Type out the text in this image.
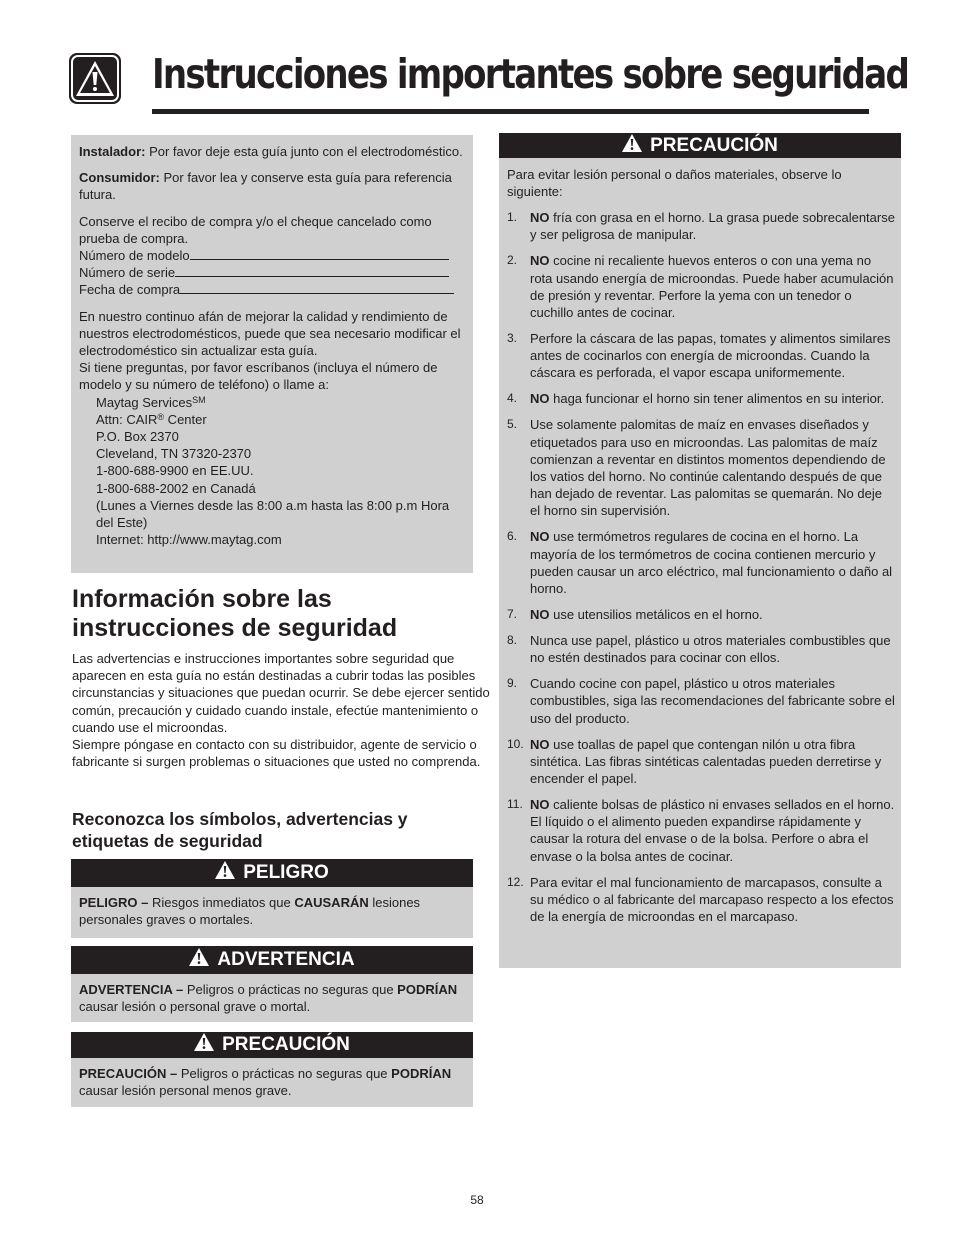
Instrucciones importantes sobre seguridad

Instalador: Por favor deje esta guía junto con el electrodoméstico.

Consumidor: Por favor lea y conserve esta guía para referencia futura.

Conserve el recibo de compra y/o el cheque cancelado como prueba de compra.

Número de modelo

Número de serie

Fecha de compra

En nuestro continuo afán de mejorar la calidad y rendimiento de nuestros electrodomésticos, puede que sea necesario modificar el electrodoméstico sin actualizar esta guía.

Si tiene preguntas, por favor escríbanos (incluya el número de modelo y su número de teléfono) o llame a:

Maytag Services℠

Attn: CAIR® Center

P.O. Box 2370

Cleveland, TN 37320-2370

1-800-688-9900 en EE.UU.

1-800-688-2002 en Canadá

(Lunes a Viernes desde las 8:00 a.m hasta las 8:00 p.m Hora del Este)

Internet: http://www.maytag.com

Información sobre las instrucciones de seguridad

Las advertencias e instrucciones importantes sobre seguridad que aparecen en esta guía no están destinadas a cubrir todas las posibles circunstancias y situaciones que puedan ocurrir. Se debe ejercer sentido común, precaución y cuidado cuando instale, efectúe mantenimiento o cuando use el microondas.

Siempre póngase en contacto con su distribuidor, agente de servicio o fabricante si surgen problemas o situaciones que usted no comprenda.

Reconozca los símbolos, advertencias y etiquetas de seguridad
PELIGRO

PELIGRO – Riesgos inmediatos que CAUSARÁN lesiones personales graves o mortales.

ADVERTENCIA

ADVERTENCIA – Peligros o prácticas no seguras que PODRÍAN causar lesión o personal grave o mortal.

PRECAUCIÓN

PRECAUCIÓN – Peligros o prácticas no seguras que PODRÍAN causar lesión personal menos grave.

PRECAUCIÓN

Para evitar lesión personal o daños materiales, observe lo siguiente:

1. NO fría con grasa en el horno. La grasa puede sobrecalentarse y ser peligrosa de manipular.
2. NO cocine ni recaliente huevos enteros o con una yema no rota usando energía de microondas. Puede haber acumulación de presión y reventar. Perfore la yema con un tenedor o cuchillo antes de cocinar.
3. Perfore la cáscara de las papas, tomates y alimentos similares antes de cocinarlos con energía de microondas. Cuando la cáscara es perforada, el vapor escapa uniformemente.
4. NO haga funcionar el horno sin tener alimentos en su interior.
5. Use solamente palomitas de maíz en envases diseñados y etiquetados para uso en microondas. Las palomitas de maíz comienzan a reventar en distintos momentos dependiendo de los vatios del horno. No continúe calentando después de que han dejado de reventar. Las palomitas se quemarán. No deje el horno sin supervisión.
6. NO use termómetros regulares de cocina en el horno. La mayoría de los termómetros de cocina contienen mercurio y pueden causar un arco eléctrico, mal funcionamiento o daño al horno.
7. NO use utensilios metálicos en el horno.
8. Nunca use papel, plástico u otros materiales combustibles que no estén destinados para cocinar con ellos.
9. Cuando cocine con papel, plástico u otros materiales combustibles, siga las recomendaciones del fabricante sobre el uso del producto.
10. NO use toallas de papel que contengan nilón u otra fibra sintética. Las fibras sintéticas calentadas pueden derretirse y encender el papel.
11. NO caliente bolsas de plástico ni envases sellados en el horno. El líquido o el alimento pueden expandirse rápidamente y causar la rotura del envase o de la bolsa. Perfore o abra el envase o la bolsa antes de cocinar.
12. Para evitar el mal funcionamiento de marcapasos, consulte a su médico o al fabricante del marcapaso respecto a los efectos de la energía de microondas en el marcapaso.
58
